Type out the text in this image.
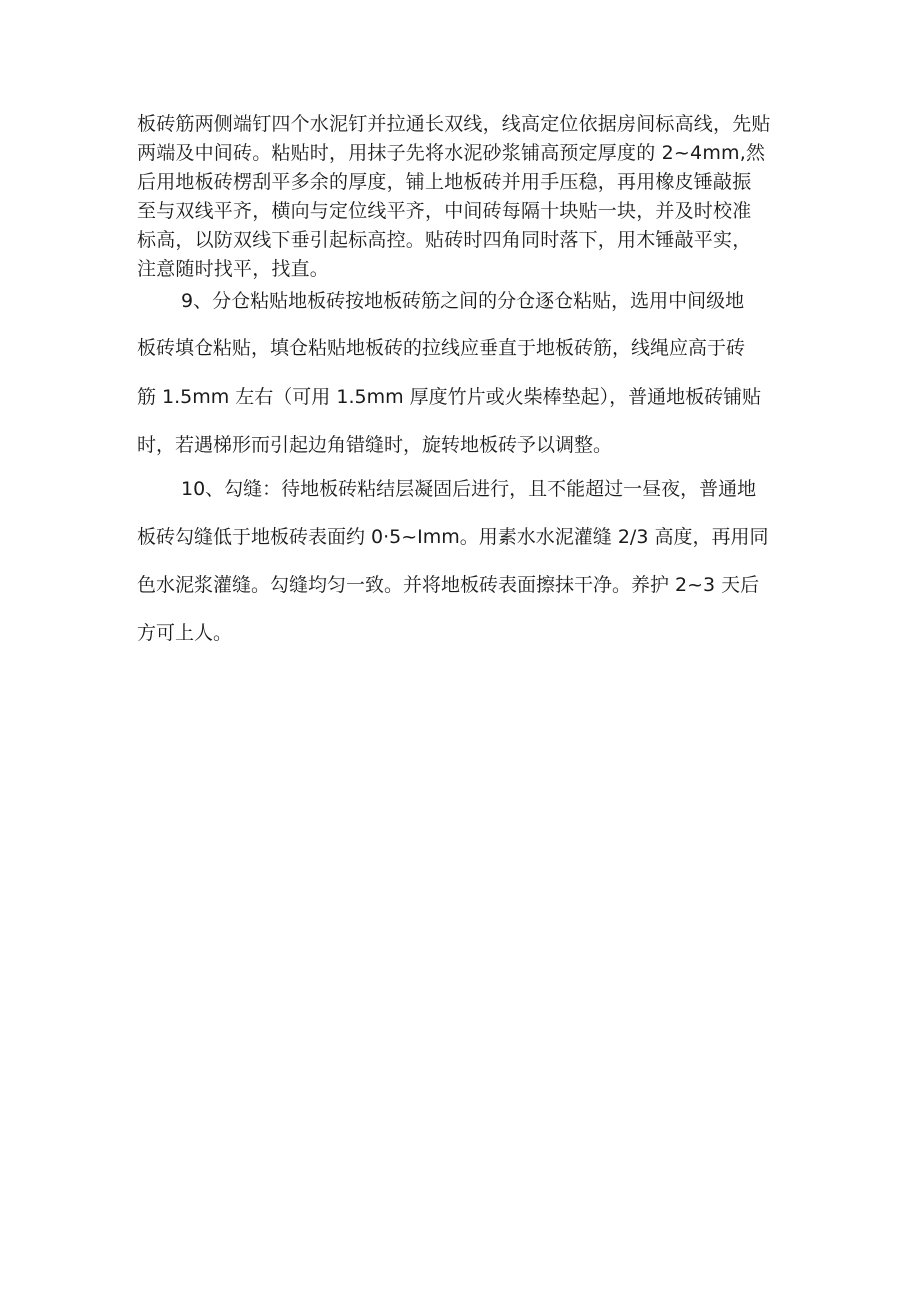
板砖筋两侧端钉四个水泥钉并拉通长双线，线高定位依据房间标高线，先贴
两端及中间砖。粘贴时，用抹子先将水泥砂浆铺高预定厚度的 2~4mm,然
后用地板砖楞刮平多余的厚度，铺上地板砖并用手压稳，再用橡皮锤敲振
至与双线平齐，横向与定位线平齐，中间砖每隔十块贴一块，并及时校准
标高，以防双线下垂引起标高控。贴砖时四角同时落下，用木锤敲平实，
注意随时找平，找直。
9、分仓粘贴地板砖按地板砖筋之间的分仓逐仓粘贴，选用中间级地
板砖填仓粘贴，填仓粘贴地板砖的拉线应垂直于地板砖筋，线绳应高于砖
筋 1.5mm 左右（可用 1.5mm 厚度竹片或火柴棒垫起），普通地板砖铺贴
时，若遇梯形而引起边角错缝时，旋转地板砖予以调整。
10、勾缝：待地板砖粘结层凝固后进行，且不能超过一昼夜，普通地
板砖勾缝低于地板砖表面约 0·5~Imm。用素水水泥灌缝 2/3 高度，再用同
色水泥浆灌缝。勾缝均匀一致。并将地板砖表面擦抹干净。养护 2~3 天后
方可上人。
